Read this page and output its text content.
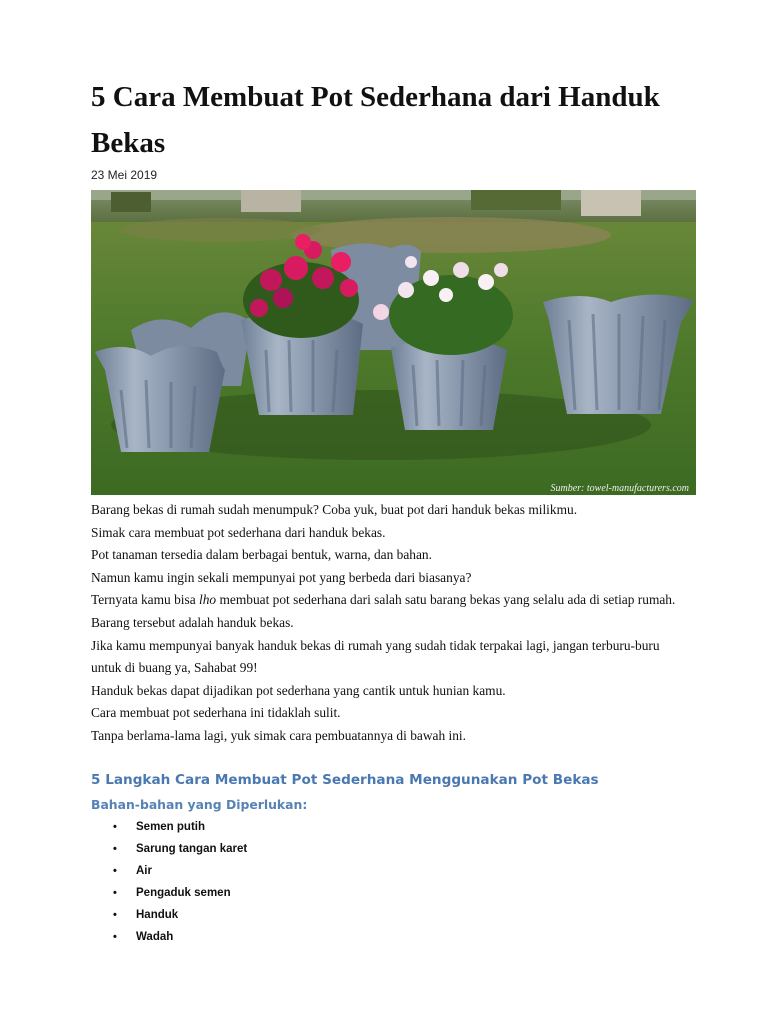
5 Cara Membuat Pot Sederhana dari Handuk Bekas
23 Mei 2019
Sumber: towel-manufacturers.com

Barang bekas di rumah sudah menumpuk? Coba yuk, buat pot dari handuk bekas milikmu.

Simak cara membuat pot sederhana dari handuk bekas.

Pot tanaman tersedia dalam berbagai bentuk, warna, dan bahan.

Namun kamu ingin sekali mempunyai pot yang berbeda dari biasanya?

Ternyata kamu bisa lho membuat pot sederhana dari salah satu barang bekas yang selalu ada di setiap rumah.

Barang tersebut adalah handuk bekas.

Jika kamu mempunyai banyak handuk bekas di rumah yang sudah tidak terpakai lagi, jangan terburu-buru untuk di buang ya, Sahabat 99!

Handuk bekas dapat dijadikan pot sederhana yang cantik untuk hunian kamu.

Cara membuat pot sederhana ini tidaklah sulit.

Tanpa berlama-lama lagi, yuk simak cara pembuatannya di bawah ini.

5 Langkah Cara Membuat Pot Sederhana Menggunakan Pot Bekas
Bahan-bahan yang Diperlukan:
• Semen putih
• Sarung tangan karet
• Air
• Pengaduk semen
• Handuk
• Wadah
